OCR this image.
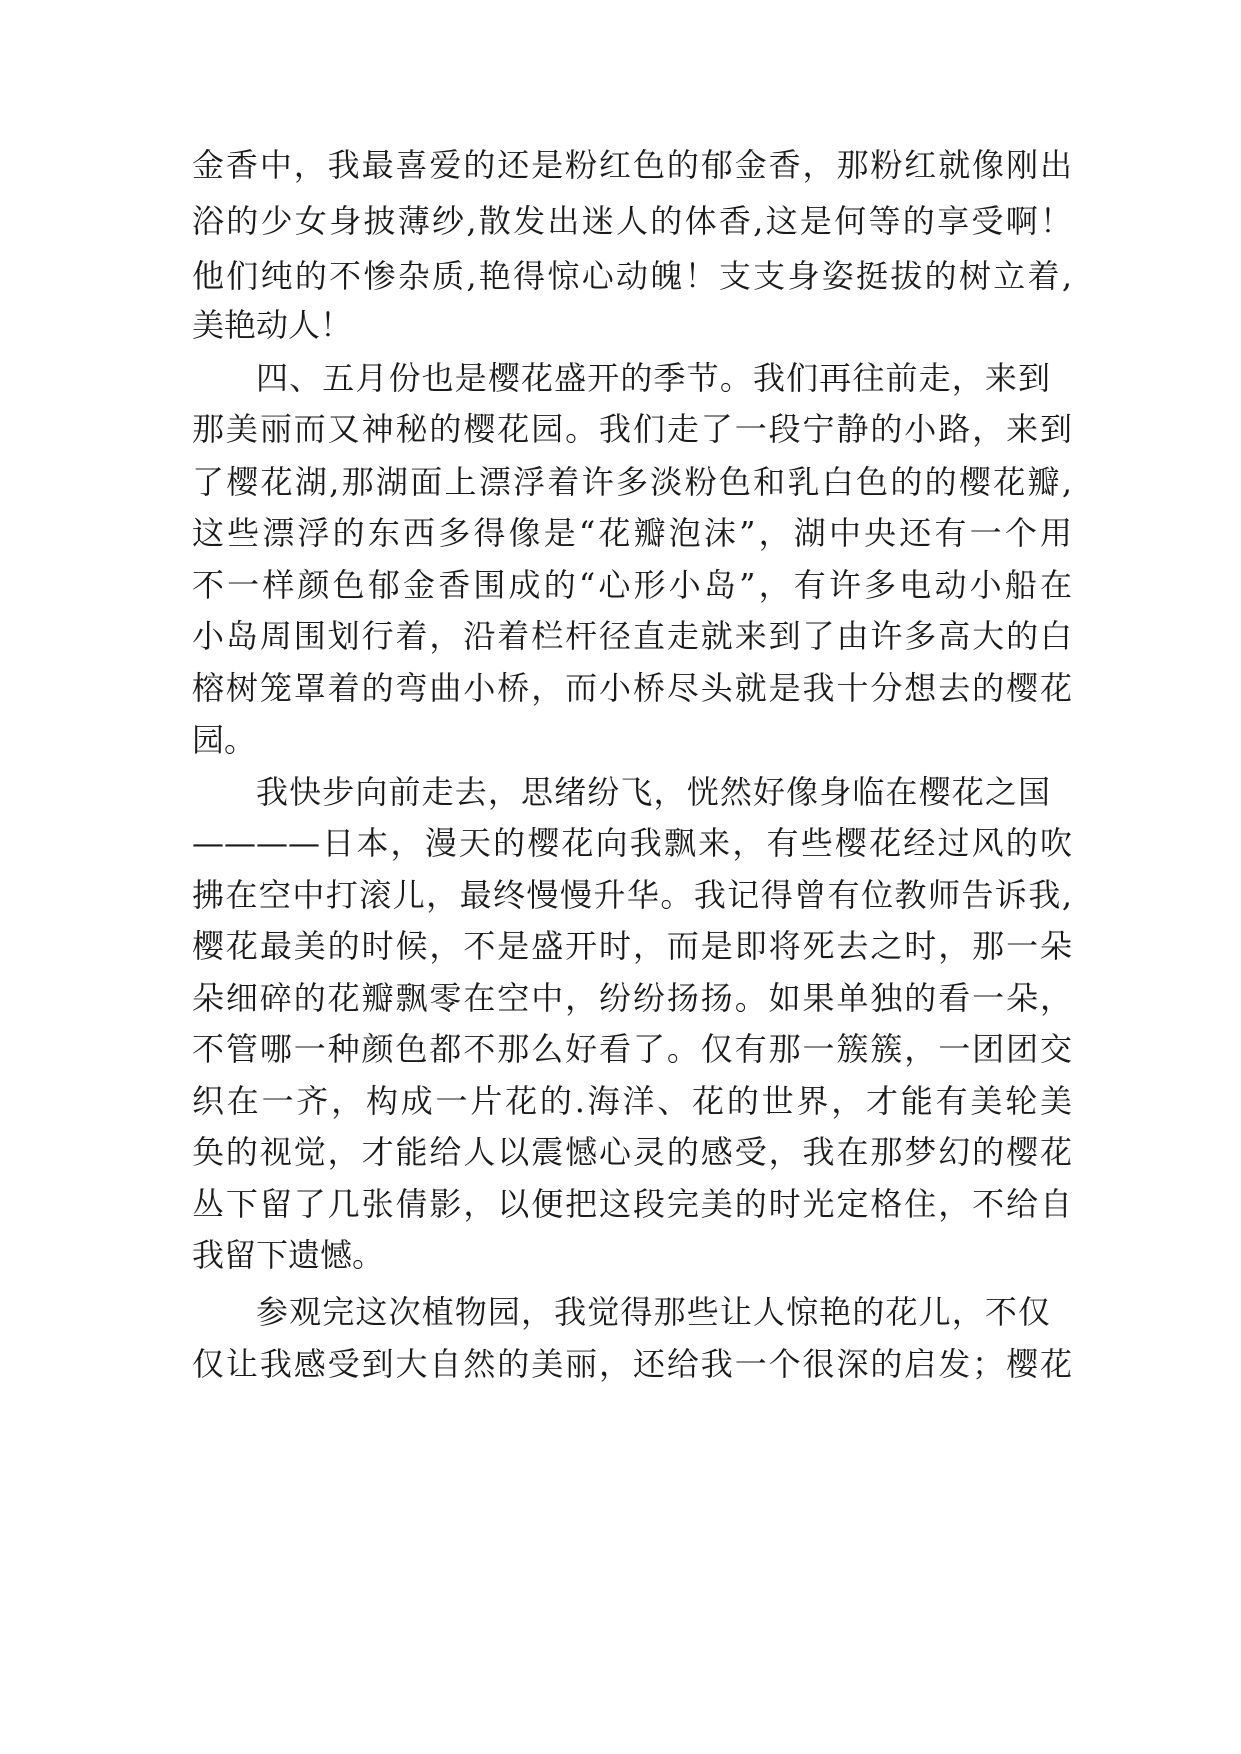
金香中，我最喜爱的还是粉红色的郁金香，那粉红就像刚出
浴的少女身披薄纱,散发出迷人的体香,这是何等的享受啊！
他们纯的不惨杂质,艳得惊心动魄！支支身姿挺拔的树立着,
美艳动人！
四、五月份也是樱花盛开的季节。我们再往前走，来到
那美丽而又神秘的樱花园。我们走了一段宁静的小路，来到
了樱花湖,那湖面上漂浮着许多淡粉色和乳白色的的樱花瓣,
这些漂浮的东西多得像是“花瓣泡沫”，湖中央还有一个用
不一样颜色郁金香围成的“心形小岛”，有许多电动小船在
小岛周围划行着，沿着栏杆径直走就来到了由许多高大的白
榕树笼罩着的弯曲小桥，而小桥尽头就是我十分想去的樱花
园。
我快步向前走去，思绪纷飞，恍然好像身临在樱花之国
————日本，漫天的樱花向我飘来，有些樱花经过风的吹
拂在空中打滚儿，最终慢慢升华。我记得曾有位教师告诉我,
樱花最美的时候，不是盛开时，而是即将死去之时，那一朵
朵细碎的花瓣飘零在空中，纷纷扬扬。如果单独的看一朵，
不管哪一种颜色都不那么好看了。仅有那一簇簇，一团团交
织在一齐，构成一片花的.海洋、花的世界，才能有美轮美
奂的视觉，才能给人以震憾心灵的感受，我在那梦幻的樱花
丛下留了几张倩影，以便把这段完美的时光定格住，不给自
我留下遗憾。
参观完这次植物园，我觉得那些让人惊艳的花儿，不仅
仅让我感受到大自然的美丽，还给我一个很深的启发；樱花
